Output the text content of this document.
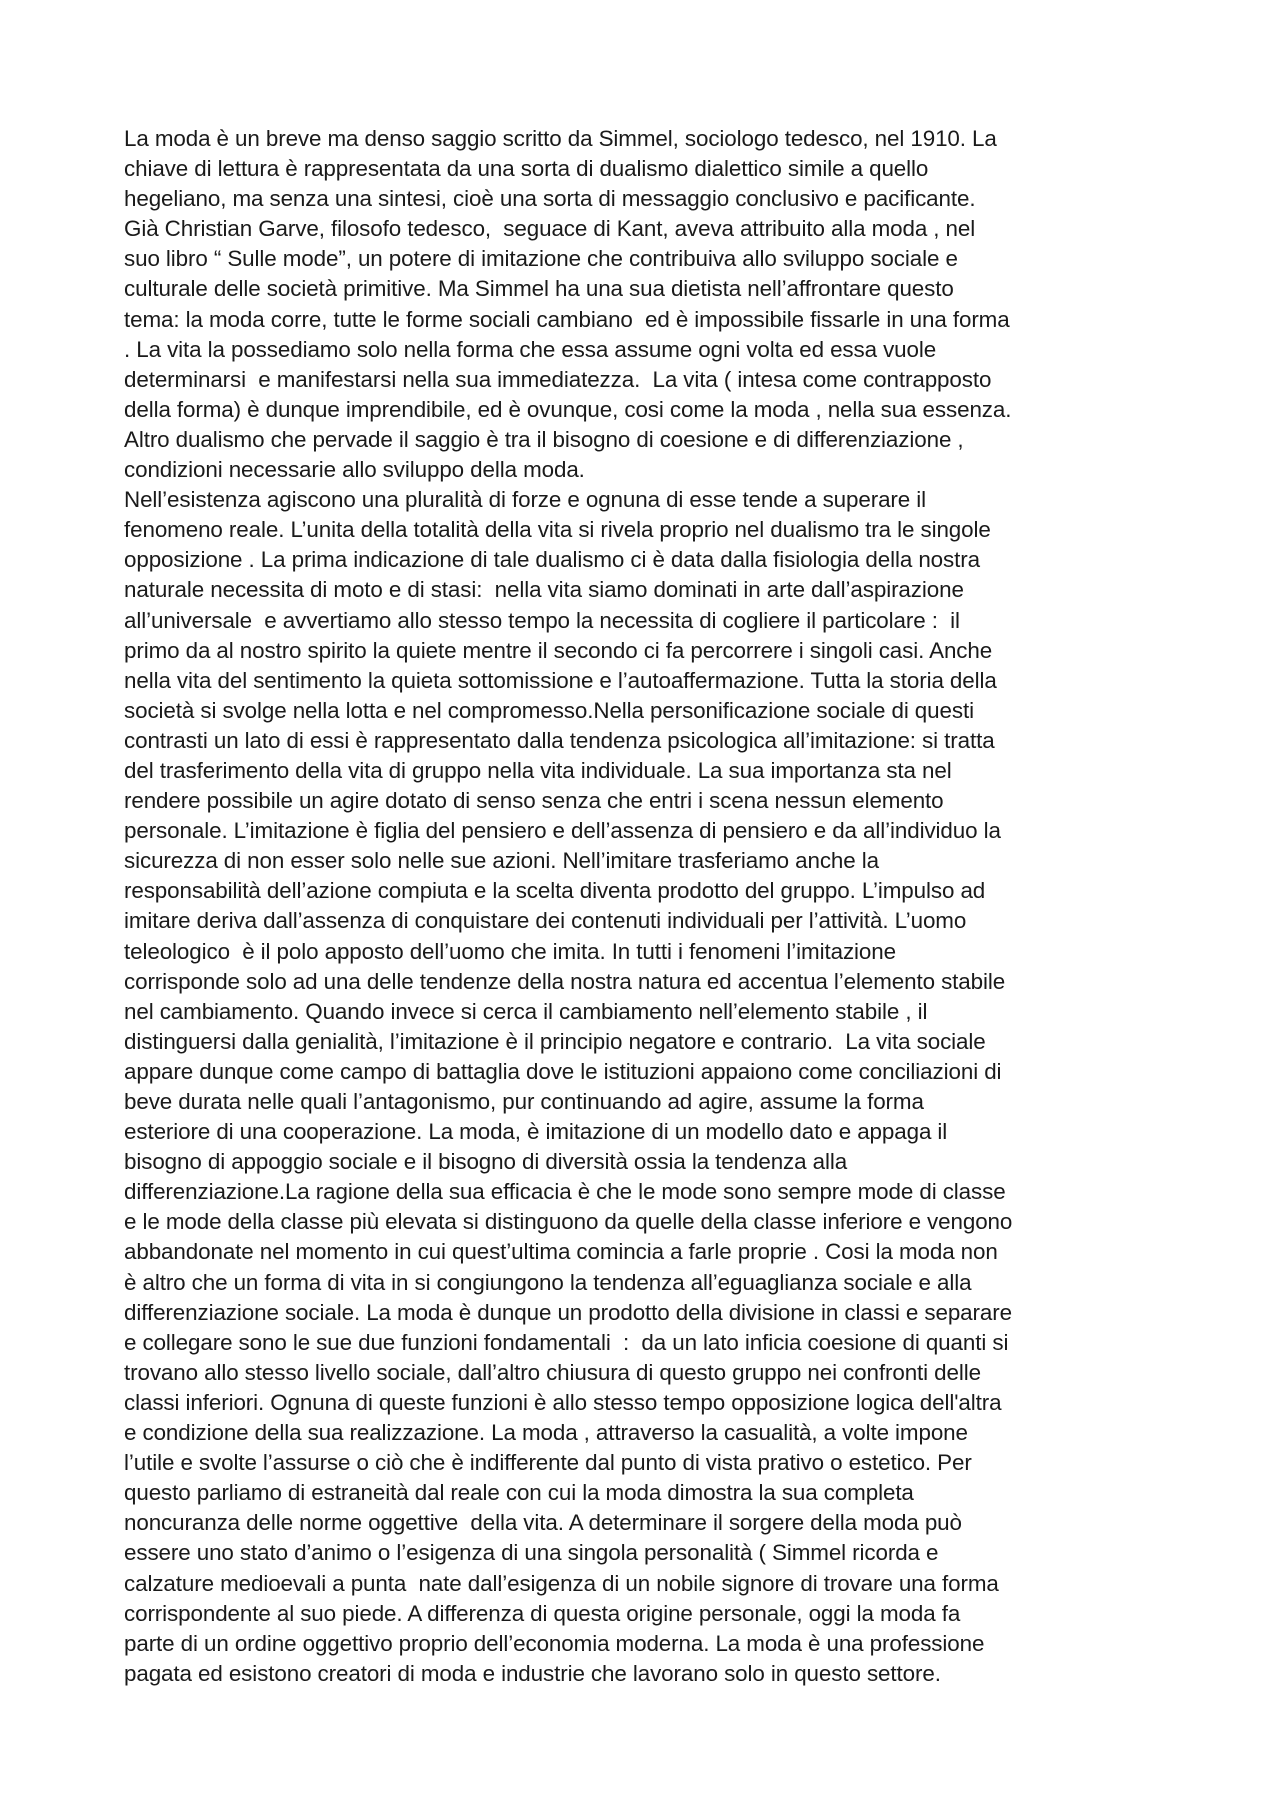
La moda è un breve ma denso saggio scritto da Simmel, sociologo tedesco, nel 1910. La
chiave di lettura è rappresentata da una sorta di dualismo dialettico simile a quello
hegeliano, ma senza una sintesi, cioè una sorta di messaggio conclusivo e pacificante.
Già Christian Garve, filosofo tedesco,  seguace di Kant, aveva attribuito alla moda , nel
suo libro “ Sulle mode”, un potere di imitazione che contribuiva allo sviluppo sociale e
culturale delle società primitive. Ma Simmel ha una sua dietista nell’affrontare questo
tema: la moda corre, tutte le forme sociali cambiano  ed è impossibile fissarle in una forma
. La vita la possediamo solo nella forma che essa assume ogni volta ed essa vuole
determinarsi  e manifestarsi nella sua immediatezza.  La vita ( intesa come contrapposto
della forma) è dunque imprendibile, ed è ovunque, cosi come la moda , nella sua essenza.
Altro dualismo che pervade il saggio è tra il bisogno di coesione e di differenziazione ,
condizioni necessarie allo sviluppo della moda.
Nell’esistenza agiscono una pluralità di forze e ognuna di esse tende a superare il
fenomeno reale. L’unita della totalità della vita si rivela proprio nel dualismo tra le singole
opposizione . La prima indicazione di tale dualismo ci è data dalla fisiologia della nostra
naturale necessita di moto e di stasi:  nella vita siamo dominati in arte dall’aspirazione
all’universale  e avvertiamo allo stesso tempo la necessita di cogliere il particolare :  il
primo da al nostro spirito la quiete mentre il secondo ci fa percorrere i singoli casi. Anche
nella vita del sentimento la quieta sottomissione e l’autoaffermazione. Tutta la storia della
società si svolge nella lotta e nel compromesso.Nella personificazione sociale di questi
contrasti un lato di essi è rappresentato dalla tendenza psicologica all’imitazione: si tratta
del trasferimento della vita di gruppo nella vita individuale. La sua importanza sta nel
rendere possibile un agire dotato di senso senza che entri i scena nessun elemento
personale. L’imitazione è figlia del pensiero e dell’assenza di pensiero e da all’individuo la
sicurezza di non esser solo nelle sue azioni. Nell’imitare trasferiamo anche la
responsabilità dell’azione compiuta e la scelta diventa prodotto del gruppo. L’impulso ad
imitare deriva dall’assenza di conquistare dei contenuti individuali per l’attività. L’uomo
teleologico  è il polo apposto dell’uomo che imita. In tutti i fenomeni l’imitazione
corrisponde solo ad una delle tendenze della nostra natura ed accentua l’elemento stabile
nel cambiamento. Quando invece si cerca il cambiamento nell’elemento stabile , il
distinguersi dalla genialità, l’imitazione è il principio negatore e contrario.  La vita sociale
appare dunque come campo di battaglia dove le istituzioni appaiono come conciliazioni di
beve durata nelle quali l’antagonismo, pur continuando ad agire, assume la forma
esteriore di una cooperazione. La moda, è imitazione di un modello dato e appaga il
bisogno di appoggio sociale e il bisogno di diversità ossia la tendenza alla
differenziazione.La ragione della sua efficacia è che le mode sono sempre mode di classe
e le mode della classe più elevata si distinguono da quelle della classe inferiore e vengono
abbandonate nel momento in cui quest’ultima comincia a farle proprie . Cosi la moda non
è altro che un forma di vita in si congiungono la tendenza all’eguaglianza sociale e alla
differenziazione sociale. La moda è dunque un prodotto della divisione in classi e separare
e collegare sono le sue due funzioni fondamentali  :  da un lato inficia coesione di quanti si
trovano allo stesso livello sociale, dall’altro chiusura di questo gruppo nei confronti delle
classi inferiori. Ognuna di queste funzioni è allo stesso tempo opposizione logica dell'altra
e condizione della sua realizzazione. La moda , attraverso la casualità, a volte impone
l’utile e svolte l’assurse o ciò che è indifferente dal punto di vista prativo o estetico. Per
questo parliamo di estraneità dal reale con cui la moda dimostra la sua completa
noncuranza delle norme oggettive  della vita. A determinare il sorgere della moda può
essere uno stato d’animo o l’esigenza di una singola personalità ( Simmel ricorda e
calzature medioevali a punta  nate dall’esigenza di un nobile signore di trovare una forma
corrispondente al suo piede. A differenza di questa origine personale, oggi la moda fa
parte di un ordine oggettivo proprio dell’economia moderna. La moda è una professione
pagata ed esistono creatori di moda e industrie che lavorano solo in questo settore.
